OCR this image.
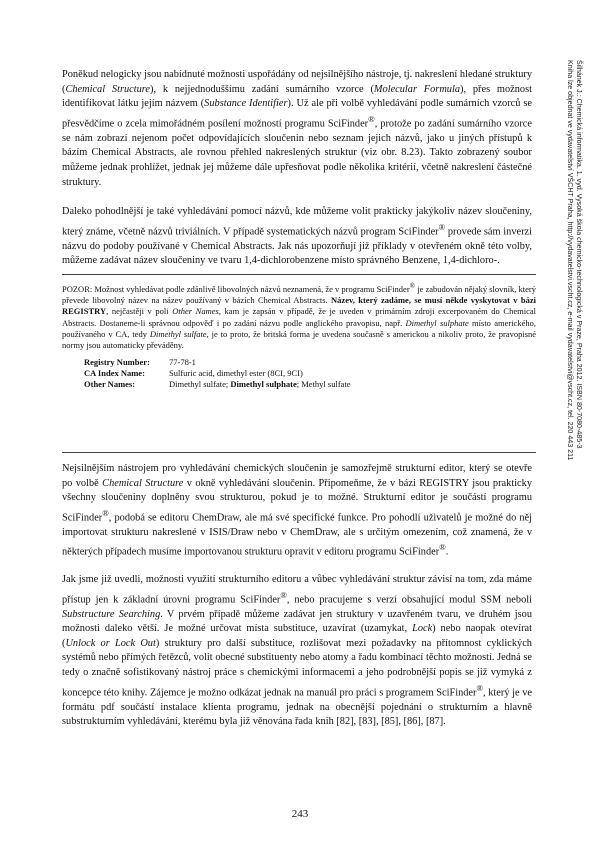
Poněkud nelogicky jsou nabídnuté možnosti uspořádány od nejsilnějšího nástroje, tj. nakreslení hledané struktury (Chemical Structure), k nejjednoduššímu zadání sumárního vzorce (Molecular Formula), přes možnost identifikovat látku jejím názvem (Substance Identifier). Už ale při volbě vyhledávání podle sumárních vzorců se přesvědčíme o zcela mimořádném posílení možností programu SciFinder®, protože po zadání sumárního vzorce se nám zobrazí nejenom počet odpovídajících sloučenin nebo seznam jejich názvů, jako u jiných přístupů k bázím Chemical Abstracts, ale rovnou přehled nakreslených struktur (viz obr. 8.23). Takto zobrazený soubor můžeme jednak prohlížet, jednak jej můžeme dále upřesňovat podle několika kritérií, včetně nakreslení částečné struktury.

Daleko pohodlnější je také vyhledávání pomocí názvů, kde můžeme volit prakticky jakýkoliv název sloučeniny, který známe, včetně názvů triviálních. V případě systematických názvů program SciFinder® provede sám inverzi názvu do podoby používané v Chemical Abstracts. Jak nás upozorňují již příklady v otevřeném okně této volby, můžeme zadávat název sloučeniny ve tvaru 1,4-dichlorobenzene místo správného Benzene, 1,4-dichloro-.

POZOR: Možnost vyhledávat podle zdánlivě libovolných názvů neznamená, že v programu SciFinder® je zabudován nějaký slovník, který převede libovolný název na název používaný v bázích Chemical Abstracts. Název, který zadáme, se musí někde vyskytovat v bázi REGISTRY, nejčastěji v poli Other Names, kam je zapsán v případě, že je uveden v primárním zdroji excerpovaném do Chemical Abstracts. Dostaneme-li správnou odpověď i po zadání názvu podle anglického pravopisu, např. Dimethyl sulphate místo amerického, používaného v CA, tedy Dimethyl sulfate, je to proto, že britská forma je uvedena současně s americkou a nikoliv proto, že pravopisné normy jsou automaticky převáděny.

Registry Number:	77-78-1
CA Index Name:	Sulfuric acid, dimethyl ester (8CI, 9CI)
Other Names:	Dimethyl sulfate; Dimethyl sulphate; Methyl sulfate

Nejsilnějším nástrojem pro vyhledávání chemických sloučenin je samozřejmě strukturní editor, který se otevře po volbě Chemical Structure v okně vyhledávání sloučenin. Připomeňme, že v bázi REGISTRY jsou prakticky všechny sloučeniny doplněny svou strukturou, pokud je to možné. Strukturní editor je součástí programu SciFinder®, podobá se editoru ChemDraw, ale má své specifické funkce. Pro pohodlí uživatelů je možné do něj importovat strukturu nakreslené v ISIS/Draw nebo v ChemDraw, ale s určitým omezením, což znamená, že v některých případech musíme importovanou strukturu opravit v editoru programu SciFinder®.

Jak jsme již uvedli, možnosti využití strukturního editoru a vůbec vyhledávání struktur závisí na tom, zda máme přístup jen k základní úrovni programu SciFinder®, nebo pracujeme s verzí obsahující modul SSM neboli Substructure Searching. V prvém případě můžeme zadávat jen struktury v uzavřeném tvaru, ve druhém jsou možnosti daleko větší. Je možné určovat místa substituce, uzavírat (uzamykat, Lock) nebo naopak otevírat (Unlock or Lock Out) struktury pro další substituce, rozlišovat mezi požadavky na přítomnost cyklických systémů nebo přímých řetězců, volit obecné substituenty nebo atomy a řadu kombinací těchto možností. Jedná se tedy o značně sofistikovaný nástroj práce s chemickými informacemi a jeho podrobnější popis se již vymyká z koncepce této knihy. Zájemce je možno odkázat jednak na manuál pro práci s programem SciFinder®, který je ve formátu pdf součástí instalace klienta programu, jednak na obecnější pojednání o strukturním a hlavně substrukturním vyhledávání, kterému byla již věnována řada knih [82], [83], [85], [86], [87].

243
Šilhánek J.: Chemická informatika. 1. vyd. Vysoká škola chemicko-technologická v Praze, Praha 2012. ISBN 80-7080-485-3
Kniha lze objednat ve vydavatelství VŠCHT Praha, http://vydavatelstvi.vscht.cz, e-mail vydavatelstvi@vscht.cz, tel. 220 443 211
